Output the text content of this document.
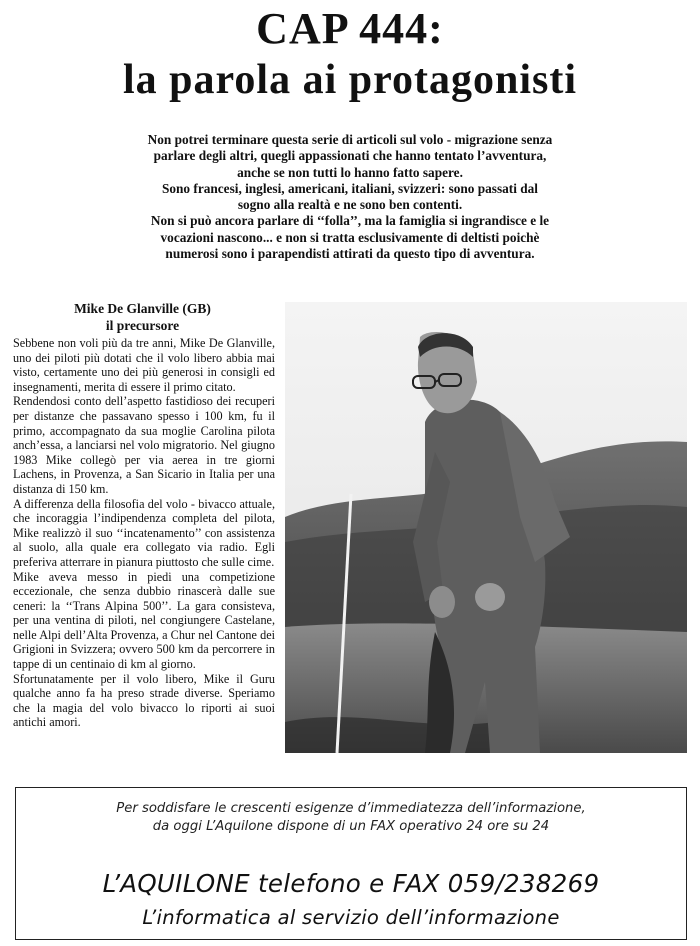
CAP 444:
la parola ai protagonisti

Non potrei terminare questa serie di articoli sul volo - migrazione senza

parlare degli altri, quegli appassionati che hanno tentato l’avventura,

anche se non tutti lo hanno fatto sapere.

Sono francesi, inglesi, americani, italiani, svizzeri: sono passati dal

sogno alla realtà e ne sono ben contenti.

Non si può ancora parlare di ‘‘folla’’, ma la famiglia si ingrandisce e le

vocazioni nascono... e non si tratta esclusivamente di deltisti poichè

numerosi sono i parapendisti attirati da questo tipo di avventura.

Mike De Glanville (GB)
il precursore

Sebbene non voli più da tre anni, Mike De Glanville, uno dei piloti più dotati che il volo libero abbia mai visto, certamente uno dei più generosi in consigli ed insegnamenti, merita di essere il primo citato.

Rendendosi conto dell’aspetto fastidioso dei recuperi per distanze che passavano spesso i 100 km, fu il primo, accompagnato da sua moglie Carolina pilota anch’essa, a lanciarsi nel volo migratorio. Nel giugno 1983 Mike collegò per via aerea in tre giorni Lachens, in Provenza, a San Sicario in Italia per una distanza di 150 km.

A differenza della filosofia del volo - bivacco attuale, che incoraggia l’indipendenza completa del pilota, Mike realizzò il suo ‘‘incatenamento’’ con assistenza al suolo, alla quale era collegato via radio. Egli preferiva atterrare in pianura piuttosto che sulle cime.

Mike aveva messo in piedi una competizione eccezionale, che senza dubbio rinascerà dalle sue ceneri: la ‘‘Trans Alpina 500’’. La gara consisteva, per una ventina di piloti, nel congiungere Castelane, nelle Alpi dell’Alta Provenza, a Chur nel Cantone dei Grigioni in Svizzera; ovvero 500 km da percorrere in tappe di un centinaio di km al giorno.

Sfortunatamente per il volo libero, Mike il Guru qualche anno fa ha preso strade diverse. Speriamo che la magia del volo bivacco lo riporti ai suoi antichi amori.

Per soddisfare le crescenti esigenze d’immediatezza dell’informazione,
da oggi L’Aquilone dispone di un FAX operativo 24 ore su 24
L’AQUILONE telefono e FAX 059/238269
L’informatica al servizio dell’informazione
